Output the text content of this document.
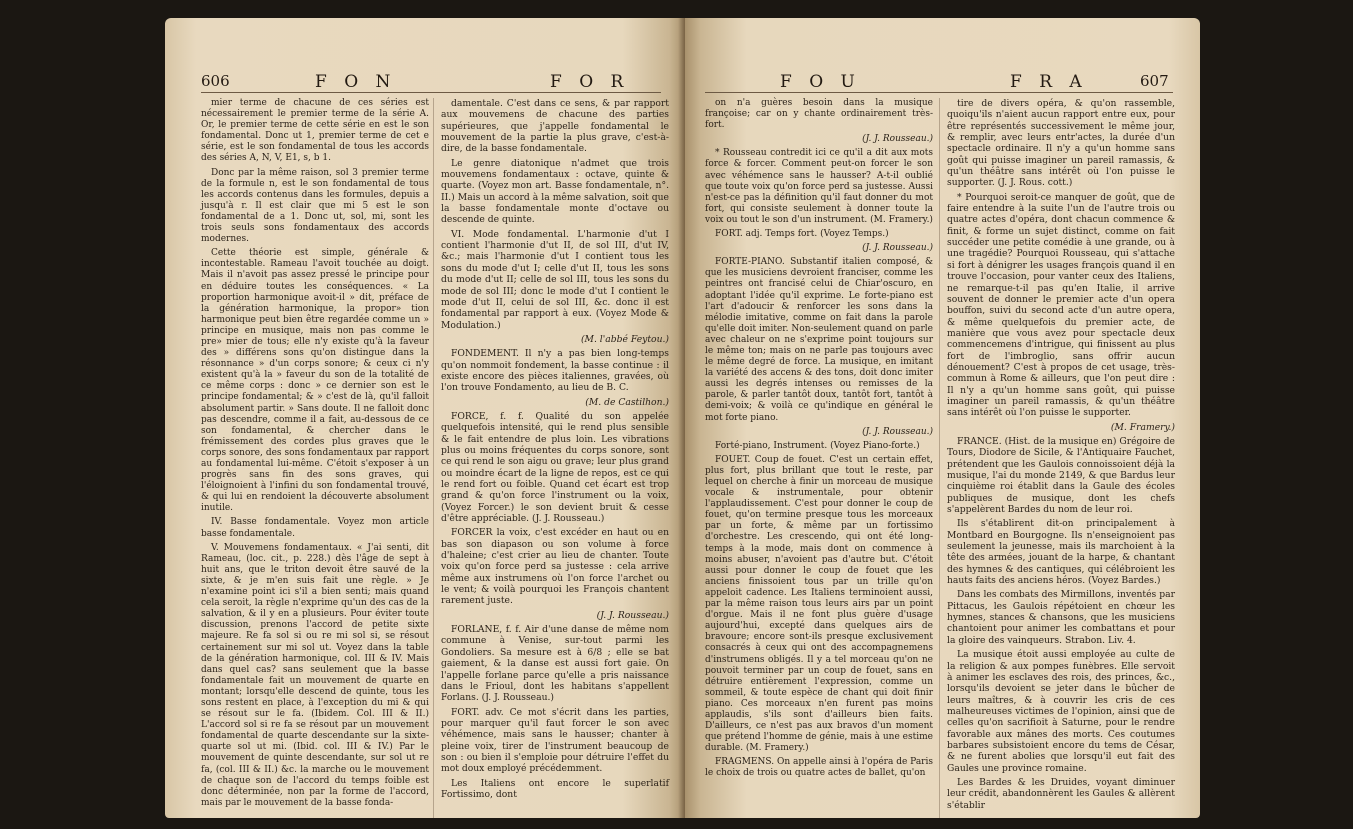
606	F O N	F O R

mier terme de chacune de ces séries est nécessairement le premier terme de la série A. Or, le premier terme de cette série en est le son fondamental. Donc ut 1, premier terme de cet e série, est le son fondamental de tous les accords des séries A, N, V, E1, s, b 1.

Donc par la même raison, sol 3 premier terme de la formule n, est le son fondamental de tous les accords contenus dans les formules, depuis a jusqu'à r. Il est clair que mi 5 est le son fondamental de a 1. Donc ut, sol, mi, sont les trois seuls sons fondamentaux des accords modernes.

Cette théorie est simple, générale & incontestable. Rameau l'avoit touchée au doigt. Mais il n'avoit pas assez pressé le principe pour en déduire toutes les conséquences. « La proportion harmonique avoit-il » dit, préface de la génération harmonique, la propor» tion harmonique peut bien être regardée comme un » principe en musique, mais non pas comme le pre» mier de tous; elle n'y existe qu'à la faveur des » différens sons qu'on distingue dans la résonnance » d'un corps sonore; & ceux ci n'y existent qu'à la » faveur du son de la totalité de ce même corps : donc » ce dernier son est le principe fondamental; & » c'est de là, qu'il falloit absolument partir. » Sans doute. Il ne falloit donc pas descendre, comme il a fait, au-dessous de ce son fondamental, & chercher dans le frémissement des cordes plus graves que le corps sonore, des sons fondamentaux par rapport au fondamental lui-même. C'étoit s'exposer à un progrès sans fin des sons graves, qui l'éloignoient à l'infini du son fondamental trouvé, & qui lui en rendoient la découverte absolument inutile.

IV. Basse fondamentale. Voyez mon article basse fondamentale.

V. Mouvemens fondamentaux. « J'ai senti, dit Rameau, (loc. cit., p. 228.) dès l'âge de sept à huit ans, que le triton devoit être sauvé de la sixte, & je m'en suis fait une règle. » Je n'examine point ici s'il a bien senti; mais quand cela seroit, la règle n'exprime qu'un des cas de la salvation, & il y en a plusieurs. Pour éviter toute discussion, prenons l'accord de petite sixte majeure. Re fa sol si ou re mi sol si, se résout certainement sur mi sol ut. Voyez dans la table de la génération harmonique, col. III & IV. Mais dans quel cas? sans seulement que la basse fondamentale fait un mouvement de quarte en montant; lorsqu'elle descend de quinte, tous les sons restent en place, à l'exception du mi & qui se résout sur le fa. (Ibidem. Col. III & II.) L'accord sol si re fa se résout par un mouvement fondamental de quarte descendante sur la sixte-quarte sol ut mi. (Ibid. col. III & IV.) Par le mouvement de quinte descendante, sur sol ut re fa, (col. III & II.) &c. la marche ou le mouvement de chaque son de l'accord du temps foible est donc déterminée, non par la forme de l'accord, mais par le mouvement de la basse fonda-

damentale. C'est dans ce sens, & par rapport aux mouvemens de chacune des parties supérieures, que j'appelle fondamental le mouvement de la partie la plus grave, c'est-à-dire, de la basse fondamentale.

Le genre diatonique n'admet que trois mouvemens fondamentaux : octave, quinte & quarte. (Voyez mon art. Basse fondamentale, n°. II.) Mais un accord à la même salvation, soit que la basse fondamentale monte d'octave ou descende de quinte.

VI. Mode fondamental. L'harmonie d'ut I contient l'harmonie d'ut II, de sol III, d'ut IV, &c.; mais l'harmonie d'ut I contient tous les sons du mode d'ut I; celle d'ut II, tous les sons du mode d'ut II; celle de sol III, tous les sons du mode de sol III; donc le mode d'ut I contient le mode d'ut II, celui de sol III, &c. donc il est fondamental par rapport à eux. (Voyez Mode & Modulation.)

(M. l'abbé Feytou.)

FONDEMENT. Il n'y a pas bien long-temps qu'on nommoit fondement, la basse continue : il existe encore des pièces italiennes, gravées, où l'on trouve Fondamento, au lieu de B. C.

(M. de Castilhon.)

FORCE, f. f. Qualité du son appelée quelquefois intensité, qui le rend plus sensible & le fait entendre de plus loin. Les vibrations plus ou moins fréquentes du corps sonore, sont ce qui rend le son aigu ou grave; leur plus grand ou moindre écart de la ligne de repos, est ce qui le rend fort ou foible. Quand cet écart est trop grand & qu'on force l'instrument ou la voix, (Voyez Forcer.) le son devient bruit & cesse d'être appréciable. (J. J. Rousseau.)

FORCER la voix, c'est excéder en haut ou en bas son diapason ou son volume à force d'haleine; c'est crier au lieu de chanter. Toute voix qu'on force perd sa justesse : cela arrive même aux instrumens où l'on force l'archet ou le vent; & voilà pourquoi les François chantent rarement juste.

(J. J. Rousseau.)

FORLANE, f. f. Air d'une danse de même nom commune à Venise, sur-tout parmi les Gondoliers. Sa mesure est à 6/8 ; elle se bat gaiement, & la danse est aussi fort gaie. On l'appelle forlane parce qu'elle a pris naissance dans le Frioul, dont les habitans s'appellent Forlans. (J. J. Rousseau.)

FORT. adv. Ce mot s'écrit dans les parties, pour marquer qu'il faut forcer le son avec véhémence, mais sans le hausser; chanter à pleine voix, tirer de l'instrument beaucoup de son : ou bien il s'emploie pour détruire l'effet du mot doux employé précédemment.

Les Italiens ont encore le superlatif Fortissimo, dont

F O U	F R A	607

on n'a guères besoin dans la musique françoise; car on y chante ordinairement très-fort.

(J. J. Rousseau.)

* Rousseau contredit ici ce qu'il a dit aux mots force & forcer. Comment peut-on forcer le son avec véhémence sans le hausser? A-t-il oublié que toute voix qu'on force perd sa justesse. Aussi n'est-ce pas la définition qu'il faut donner du mot fort, qui consiste seulement à donner toute la voix ou tout le son d'un instrument. (M. Framery.)

FORT. adj. Temps fort. (Voyez Temps.)

(J. J. Rousseau.)

FORTE-PIANO. Substantif italien composé, & que les musiciens devroient franciser, comme les peintres ont francisé celui de Chiar'oscuro, en adoptant l'idée qu'il exprime. Le forte-piano est l'art d'adoucir & renforcer les sons dans la mélodie imitative, comme on fait dans la parole qu'elle doit imiter. Non-seulement quand on parle avec chaleur on ne s'exprime point toujours sur le même ton; mais on ne parle pas toujours avec le même degré de force. La musique, en imitant la variété des accens & des tons, doit donc imiter aussi les degrés intenses ou remisses de la parole, & parler tantôt doux, tantôt fort, tantôt à demi-voix; & voilà ce qu'indique en général le mot forte piano.

(J. J. Rousseau.)

Forté-piano, Instrument. (Voyez Piano-forte.)

FOUET. Coup de fouet. C'est un certain effet, plus fort, plus brillant que tout le reste, par lequel on cherche à finir un morceau de musique vocale & instrumentale, pour obtenir l'applaudissement. C'est pour donner le coup de fouet, qu'on termine presque tous les morceaux par un forte, & même par un fortissimo d'orchestre. Les crescendo, qui ont été long-temps à la mode, mais dont on commence à moins abuser, n'avoient pas d'autre but. C'étoit aussi pour donner le coup de fouet que les anciens finissoient tous par un trille qu'on appeloit cadence. Les Italiens terminoient aussi, par la même raison tous leurs airs par un point d'orgue. Mais il ne font plus guère d'usage aujourd'hui, excepté dans quelques airs de bravoure; encore sont-ils presque exclusivement consacrés à ceux qui ont des accompagnemens d'instrumens obligés. Il y a tel morceau qu'on ne pouvoit terminer par un coup de fouet, sans en détruire entièrement l'expression, comme un sommeil, & toute espèce de chant qui doit finir piano. Ces morceaux n'en furent pas moins applaudis, s'ils sont d'ailleurs bien faits. D'ailleurs, ce n'est pas aux bravos d'un moment que prétend l'homme de génie, mais à une estime durable. (M. Framery.)

FRAGMENS. On appelle ainsi à l'opéra de Paris le choix de trois ou quatre actes de ballet, qu'on

tire de divers opéra, & qu'on rassemble, quoiqu'ils n'aient aucun rapport entre eux, pour être représentés successivement le même jour, & remplir, avec leurs entr'actes, la durée d'un spectacle ordinaire. Il n'y a qu'un homme sans goût qui puisse imaginer un pareil ramassis, & qu'un théâtre sans intérêt où l'on puisse le supporter. (J. J. Rous. cott.)

* Pourquoi seroit-ce manquer de goût, que de faire entendre à la suite l'un de l'autre trois ou quatre actes d'opéra, dont chacun commence & finit, & forme un sujet distinct, comme on fait succéder une petite comédie à une grande, ou à une tragédie? Pourquoi Rousseau, qui s'attache si fort à dénigrer les usages françois quand il en trouve l'occasion, pour vanter ceux des Italiens, ne remarque-t-il pas qu'en Italie, il arrive souvent de donner le premier acte d'un opera bouffon, suivi du second acte d'un autre opera, & même quelquefois du premier acte, de manière que vous avez pour spectacle deux commencemens d'intrigue, qui finissent au plus fort de l'imbroglio, sans offrir aucun dénouement? C'est à propos de cet usage, très-commun à Rome & ailleurs, que l'on peut dire : Il n'y a qu'un homme sans goût, qui puisse imaginer un pareil ramassis, & qu'un théâtre sans intérêt où l'on puisse le supporter.

(M. Framery.)

FRANCE. (Hist. de la musique en) Grégoire de Tours, Diodore de Sicile, & l'Antiquaire Fauchet, prétendent que les Gaulois connoissoient déjà la musique, l'ai du monde 2149, & que Bardus leur cinquième roi établit dans la Gaule des écoles publiques de musique, dont les chefs s'appelèrent Bardes du nom de leur roi.

Ils s'établirent dit-on principalement à Montbard en Bourgogne. Ils n'enseignoient pas seulement la jeunesse, mais ils marchoient à la tête des armées, jouant de la harpe, & chantant des hymnes & des cantiques, qui célébroient les hauts faits des anciens héros. (Voyez Bardes.)

Dans les combats des Mirmillons, inventés par Pittacus, les Gaulois répétoient en chœur les hymnes, stances & chansons, que les musiciens chantoient pour animer les combattans et pour la gloire des vainqueurs. Strabon. Liv. 4.

La musique étoit aussi employée au culte de la religion & aux pompes funèbres. Elle servoit à animer les esclaves des rois, des princes, &c., lorsqu'ils devoient se jeter dans le bûcher de leurs maîtres, & à couvrir les cris de ces malheureuses victimes de l'opinion, ainsi que de celles qu'on sacrifioit à Saturne, pour le rendre favorable aux mânes des morts. Ces coutumes barbares subsistoient encore du tems de César, & ne furent abolies que lorsqu'il eut fait des Gaules une province romaine.

Les Bardes & les Druides, voyant diminuer leur crédit, abandonnèrent les Gaules & allèrent s'établir
